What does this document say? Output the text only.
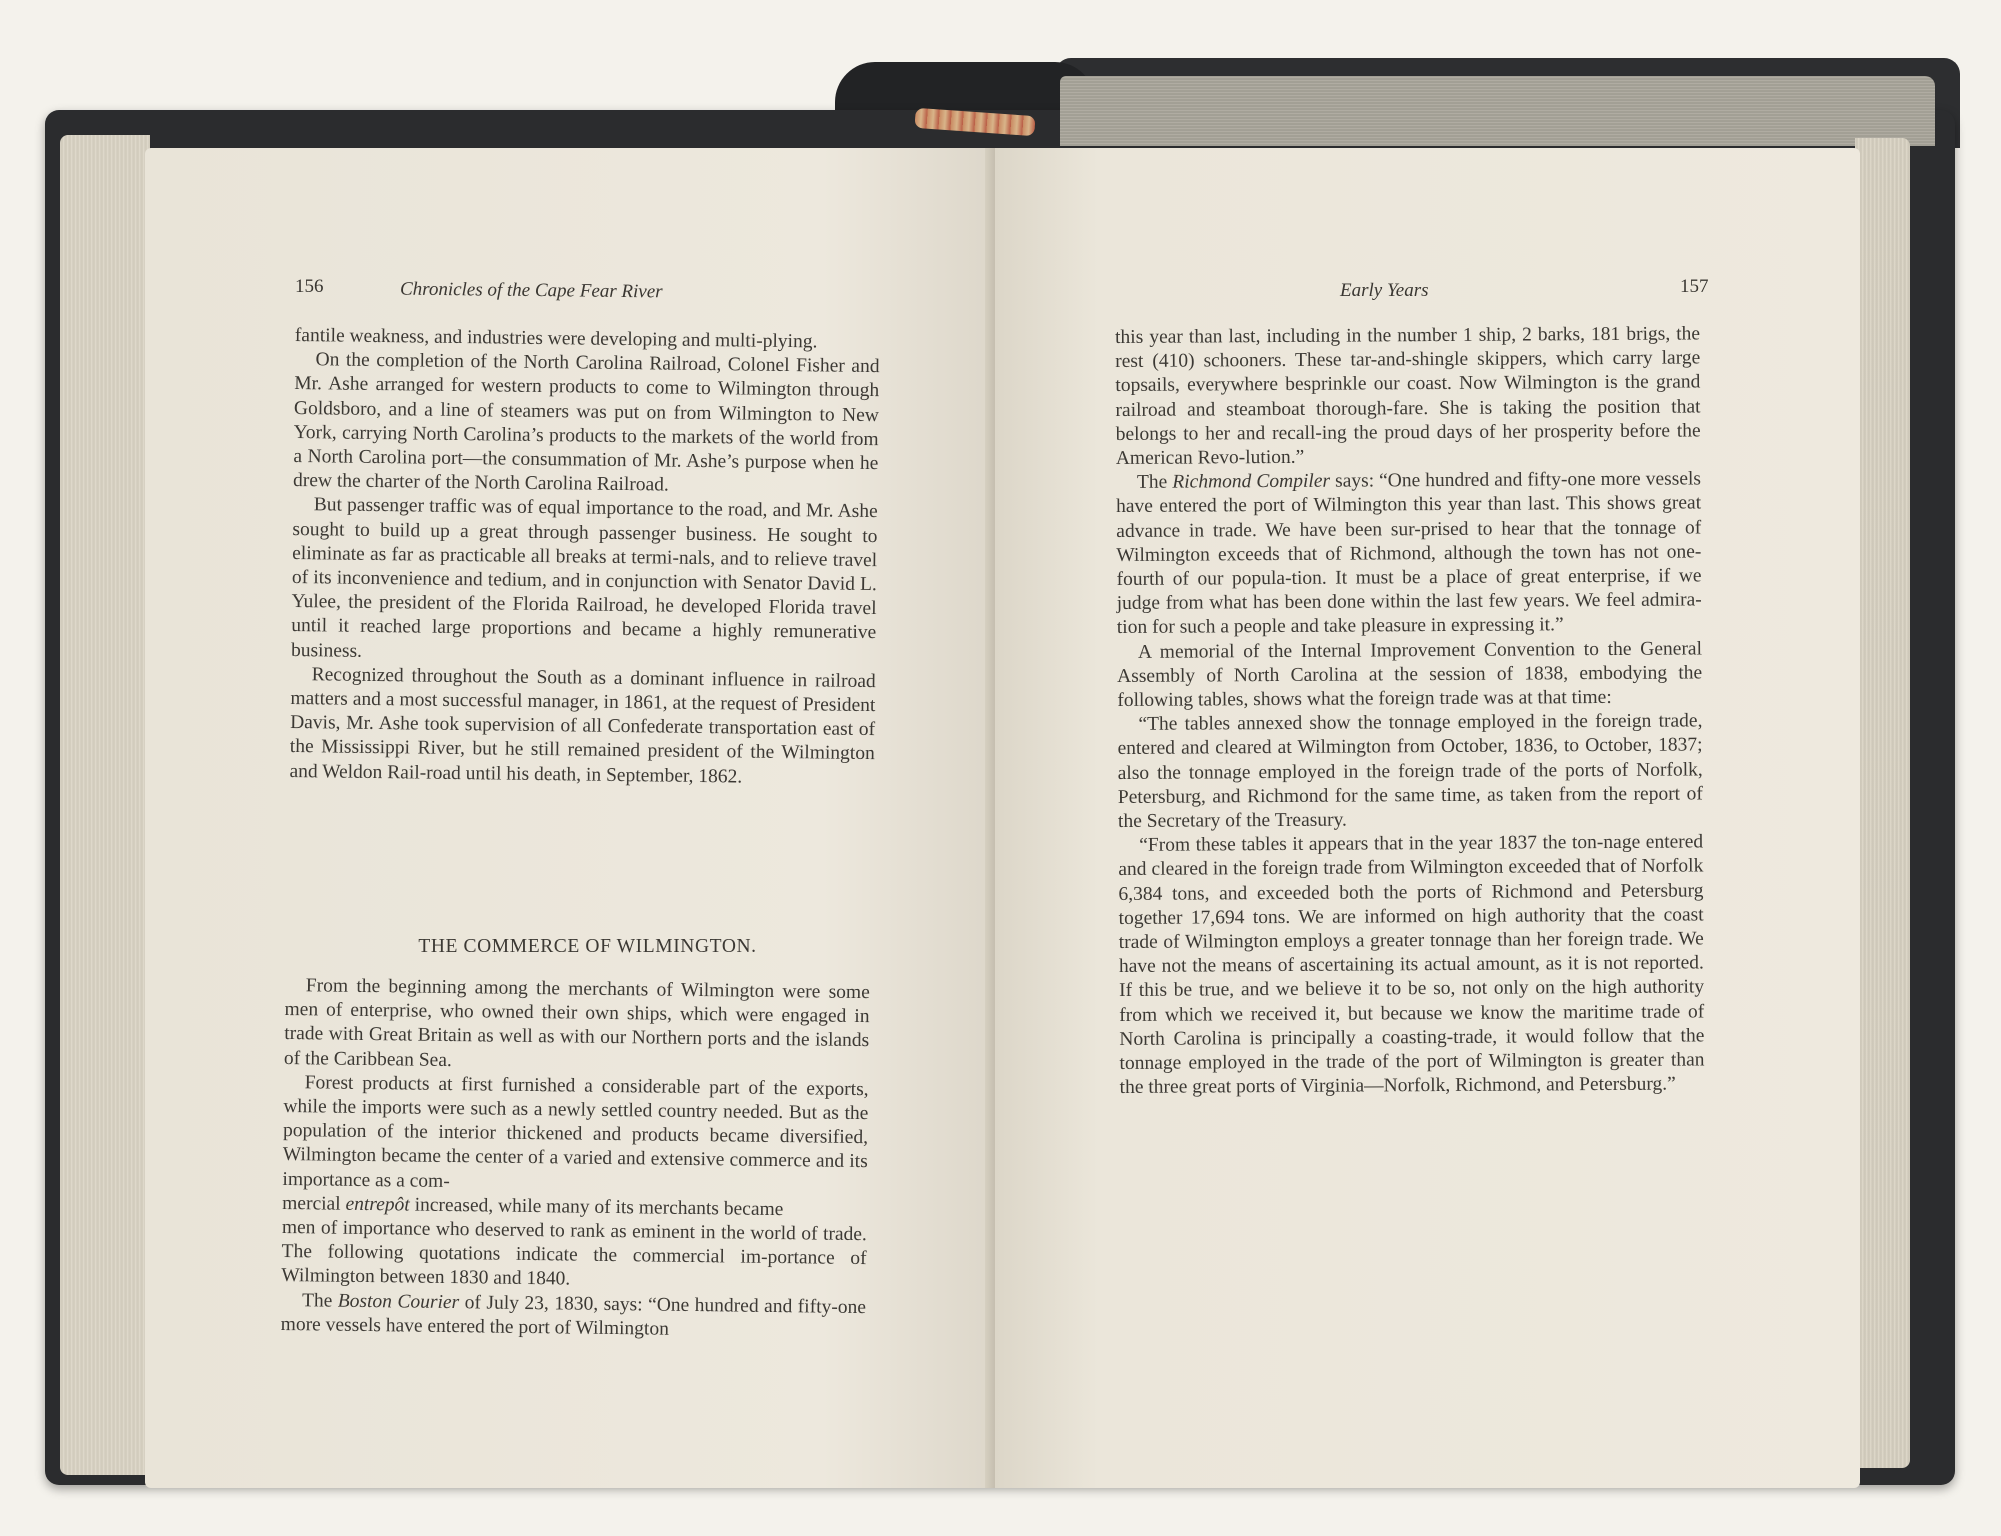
156	Chronicles of the Cape Fear River

fantile weakness, and industries were developing and multi-plying.

On the completion of the North Carolina Railroad, Colonel Fisher and Mr. Ashe arranged for western products to come to Wilmington through Goldsboro, and a line of steamers was put on from Wilmington to New York, carrying North Carolina’s products to the markets of the world from a North Carolina port—the consummation of Mr. Ashe’s purpose when he drew the charter of the North Carolina Railroad.

But passenger traffic was of equal importance to the road, and Mr. Ashe sought to build up a great through passenger business. He sought to eliminate as far as practicable all breaks at termi-nals, and to relieve travel of its inconvenience and tedium, and in conjunction with Senator David L. Yulee, the president of the Florida Railroad, he developed Florida travel until it reached large proportions and became a highly remunerative business.

Recognized throughout the South as a dominant influence in railroad matters and a most successful manager, in 1861, at the request of President Davis, Mr. Ashe took supervision of all Confederate transportation east of the Mississippi River, but he still remained president of the Wilmington and Weldon Rail-road until his death, in September, 1862.

THE COMMERCE OF WILMINGTON.

From the beginning among the merchants of Wilmington were some men of enterprise, who owned their own ships, which were engaged in trade with Great Britain as well as with our Northern ports and the islands of the Caribbean Sea.

Forest products at first furnished a considerable part of the exports, while the imports were such as a newly settled country needed. But as the population of the interior thickened and products became diversified, Wilmington became the center of a varied and extensive commerce and its importance as a com-

mercial entrepôt increased, while many of its merchants became

men of importance who deserved to rank as eminent in the world of trade. The following quotations indicate the commercial im-portance of Wilmington between 1830 and 1840.

The Boston Courier of July 23, 1830, says: “One hundred and fifty-one more vessels have entered the port of Wilmington

Early Years	157

this year than last, including in the number 1 ship, 2 barks, 181 brigs, the rest (410) schooners. These tar-and-shingle skippers, which carry large topsails, everywhere besprinkle our coast. Now Wilmington is the grand railroad and steamboat thorough-fare. She is taking the position that belongs to her and recall-ing the proud days of her prosperity before the American Revo-lution.”

The Richmond Compiler says: “One hundred and fifty-one more vessels have entered the port of Wilmington this year than last. This shows great advance in trade. We have been sur-prised to hear that the tonnage of Wilmington exceeds that of Richmond, although the town has not one-fourth of our popula-tion. It must be a place of great enterprise, if we judge from what has been done within the last few years. We feel admira-tion for such a people and take pleasure in expressing it.”

A memorial of the Internal Improvement Convention to the General Assembly of North Carolina at the session of 1838, embodying the following tables, shows what the foreign trade was at that time:

“The tables annexed show the tonnage employed in the foreign trade, entered and cleared at Wilmington from October, 1836, to October, 1837; also the tonnage employed in the foreign trade of the ports of Norfolk, Petersburg, and Richmond for the same time, as taken from the report of the Secretary of the Treasury.

“From these tables it appears that in the year 1837 the ton-nage entered and cleared in the foreign trade from Wilmington exceeded that of Norfolk 6,384 tons, and exceeded both the ports of Richmond and Petersburg together 17,694 tons. We are informed on high authority that the coast trade of Wilmington employs a greater tonnage than her foreign trade. We have not the means of ascertaining its actual amount, as it is not reported. If this be true, and we believe it to be so, not only on the high authority from which we received it, but because we know the maritime trade of North Carolina is principally a coasting-trade, it would follow that the tonnage employed in the trade of the port of Wilmington is greater than the three great ports of Virginia—Norfolk, Richmond, and Petersburg.”
